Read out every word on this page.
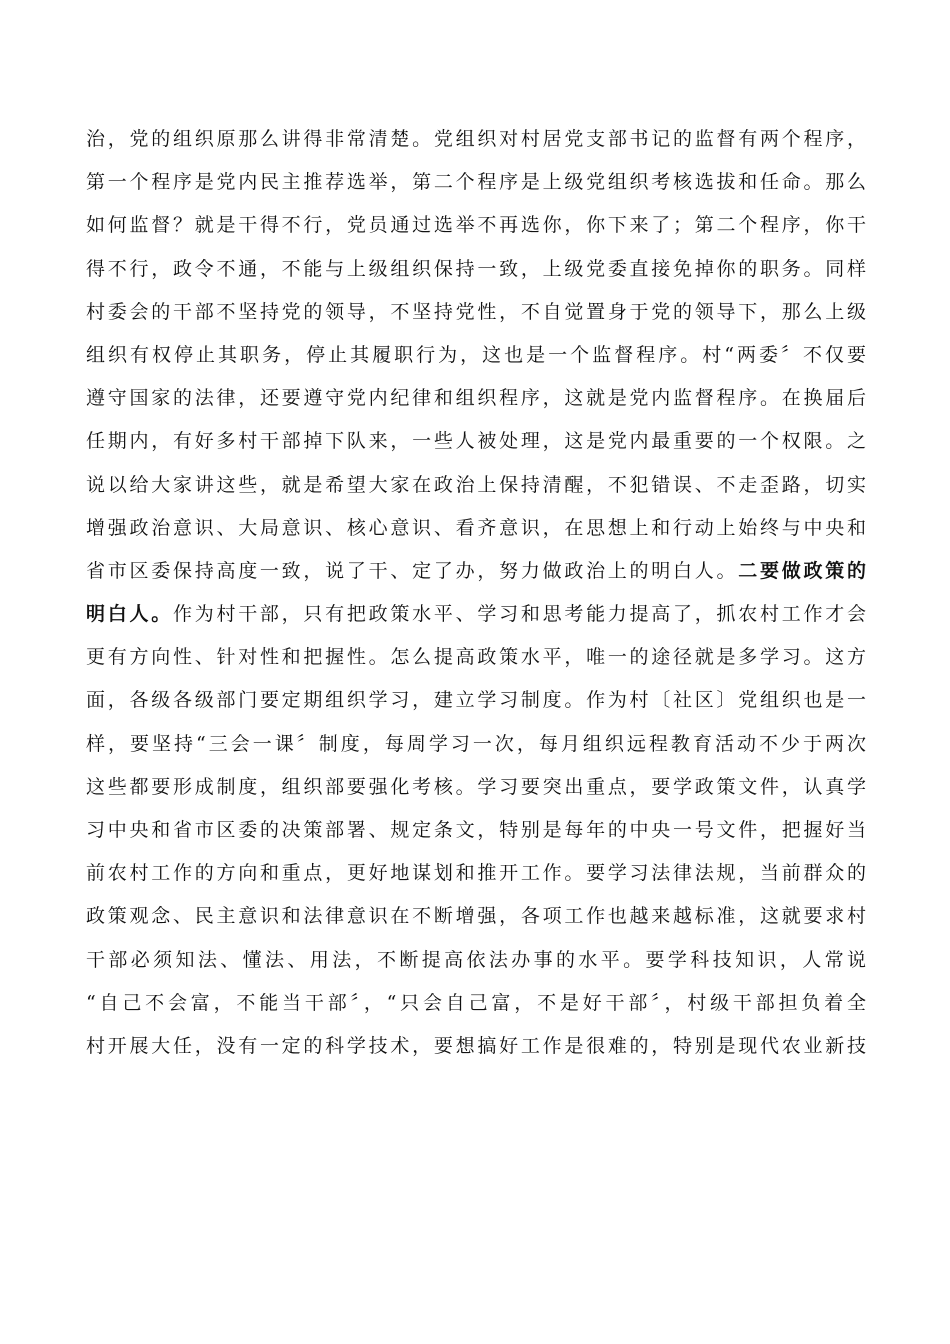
治，党的组织原那么讲得非常清楚。党组织对村居党支部书记的监督有两个程序，
第一个程序是党内民主推荐选举，第二个程序是上级党组织考核选拔和任命。那么
如何监督？就是干得不行，党员通过选举不再选你，你下来了；第二个程序，你干
得不行，政令不通，不能与上级组织保持一致，上级党委直接免掉你的职务。同样
村委会的干部不坚持党的领导，不坚持党性，不自觉置身于党的领导下，那么上级
组织有权停止其职务，停止其履职行为，这也是一个监督程序。村“两委〞不仅要
遵守国家的法律，还要遵守党内纪律和组织程序，这就是党内监督程序。在换届后
任期内，有好多村干部掉下队来，一些人被处理，这是党内最重要的一个权限。之
说以给大家讲这些，就是希望大家在政治上保持清醒，不犯错误、不走歪路，切实
增强政治意识、大局意识、核心意识、看齐意识，在思想上和行动上始终与中央和
省市区委保持高度一致，说了干、定了办，努力做政治上的明白人。二要做政策的
明白人。作为村干部，只有把政策水平、学习和思考能力提高了，抓农村工作才会
更有方向性、针对性和把握性。怎么提高政策水平，唯一的途径就是多学习。这方
面，各级各级部门要定期组织学习，建立学习制度。作为村〔社区〕党组织也是一
样，要坚持“三会一课〞制度，每周学习一次，每月组织远程教育活动不少于两次
这些都要形成制度，组织部要强化考核。学习要突出重点，要学政策文件，认真学
习中央和省市区委的决策部署、规定条文，特别是每年的中央一号文件，把握好当
前农村工作的方向和重点，更好地谋划和推开工作。要学习法律法规，当前群众的
政策观念、民主意识和法律意识在不断增强，各项工作也越来越标准，这就要求村
干部必须知法、懂法、用法，不断提高依法办事的水平。要学科技知识，人常说
“自己不会富，不能当干部〞，“只会自己富，不是好干部〞，村级干部担负着全
村开展大任，没有一定的科学技术，要想搞好工作是很难的，特别是现代农业新技
